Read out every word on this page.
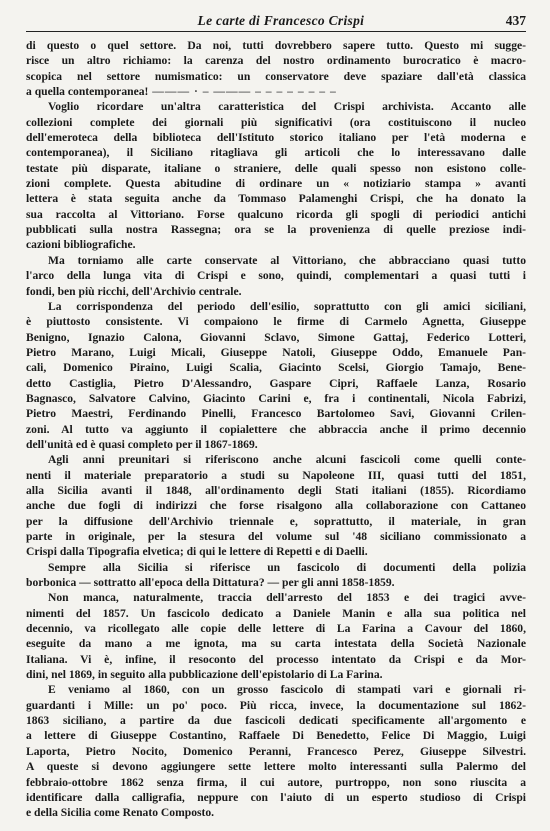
Le carte di Francesco Crispi	437

di questo o quel settore. Da noi, tutti dovrebbero sapere tutto. Questo mi sugge-
risce un altro richiamo: la carenza del nostro ordinamento burocratico è macro-
scopica nel settore numismatico: un conservatore deve spaziare dall'età classica
a quella contemporanea! ——— · – ——— – – – – – – – –

Voglio ricordare un'altra caratteristica del Crispi archivista. Accanto alle
collezioni complete dei giornali più significativi (ora costituiscono il nucleo
dell'emeroteca della biblioteca dell'Istituto storico italiano per l'età moderna e
contemporanea), il Siciliano ritagliava gli articoli che lo interessavano dalle
testate più disparate, italiane o straniere, delle quali spesso non esistono colle-
zioni complete. Questa abitudine di ordinare un « notiziario stampa » avanti
lettera è stata seguita anche da Tommaso Palamenghi Crispi, che ha donato la
sua raccolta al Vittoriano. Forse qualcuno ricorda gli spogli di periodici antichi
pubblicati sulla nostra Rassegna; ora se la provenienza di quelle preziose indi-
cazioni bibliografiche.

Ma torniamo alle carte conservate al Vittoriano, che abbracciano quasi tutto
l'arco della lunga vita di Crispi e sono, quindi, complementari a quasi tutti i
fondi, ben più ricchi, dell'Archivio centrale.

La corrispondenza del periodo dell'esilio, soprattutto con gli amici siciliani,
è piuttosto consistente. Vi compaiono le firme di Carmelo Agnetta, Giuseppe
Benigno, Ignazio Calona, Giovanni Sclavo, Simone Gattaj, Federico Lotteri,
Pietro Marano, Luigi Micali, Giuseppe Natoli, Giuseppe Oddo, Emanuele Pan-
cali, Domenico Piraino, Luigi Scalia, Giacinto Scelsi, Giorgio Tamajo, Bene-
detto Castiglia, Pietro D'Alessandro, Gaspare Cipri, Raffaele Lanza, Rosario
Bagnasco, Salvatore Calvino, Giacinto Carini e, fra i continentali, Nicola Fabrizi,
Pietro Maestri, Ferdinando Pinelli, Francesco Bartolomeo Savi, Giovanni Crilen-
zoni. Al tutto va aggiunto il copialettere che abbraccia anche il primo decennio
dell'unità ed è quasi completo per il 1867-1869.

Agli anni preunitari si riferiscono anche alcuni fascicoli come quelli conte-
nenti il materiale preparatorio a studi su Napoleone III, quasi tutti del 1851,
alla Sicilia avanti il 1848, all'ordinamento degli Stati italiani (1855). Ricordiamo
anche due fogli di indirizzi che forse risalgono alla collaborazione con Cattaneo
per la diffusione dell'Archivio triennale e, soprattutto, il materiale, in gran
parte in originale, per la stesura del volume sul '48 siciliano commissionato a
Crispi dalla Tipografia elvetica; di qui le lettere di Repetti e di Daelli.

Sempre alla Sicilia si riferisce un fascicolo di documenti della polizia
borbonica — sottratto all'epoca della Dittatura? — per gli anni 1858-1859.

Non manca, naturalmente, traccia dell'arresto del 1853 e dei tragici avve-
nimenti del 1857. Un fascicolo dedicato a Daniele Manin e alla sua politica nel
decennio, va ricollegato alle copie delle lettere di La Farina a Cavour del 1860,
eseguite da mano a me ignota, ma su carta intestata della Società Nazionale
Italiana. Vi è, infine, il resoconto del processo intentato da Crispi e da Mor-
dini, nel 1869, in seguito alla pubblicazione dell'epistolario di La Farina.

E veniamo al 1860, con un grosso fascicolo di stampati vari e giornali ri-
guardanti i Mille: un po' poco. Più ricca, invece, la documentazione sul 1862-
1863 siciliano, a partire da due fascicoli dedicati specificamente all'argomento e
a lettere di Giuseppe Costantino, Raffaele Di Benedetto, Felice Di Maggio, Luigi
Laporta, Pietro Nocito, Domenico Peranni, Francesco Perez, Giuseppe Silvestri.
A queste si devono aggiungere sette lettere molto interessanti sulla Palermo del
febbraio-ottobre 1862 senza firma, il cui autore, purtroppo, non sono riuscita a
identificare dalla calligrafia, neppure con l'aiuto di un esperto studioso di Crispi
e della Sicilia come Renato Composto.
